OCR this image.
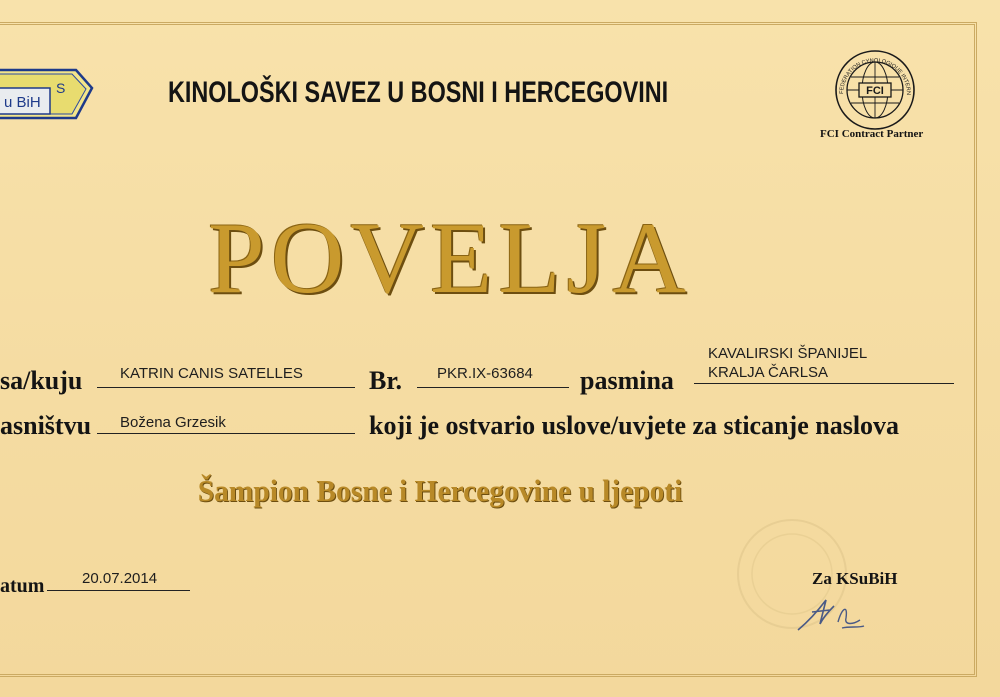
u BiH
S	KINOLOŠKI SAVEZ U BOSNI I HERCEGOVINI	FCI
FEDERATION CYNOLOGIQUE INTERN
FCI Contract Partner
POVELJA
sa/kuju	KATRIN CANIS SATELLES	Br. PKR.IX-63684 pasmina
KAVALIRSKI ŠPANIJEL
KRALJA ČARLSA
asništvu Božena Grzesik	koji je ostvario uslove/uvjete za sticanje naslova
Šampion Bosne i Hercegovine u ljepoti
atum	20.07.2014	Za KSuBiH
